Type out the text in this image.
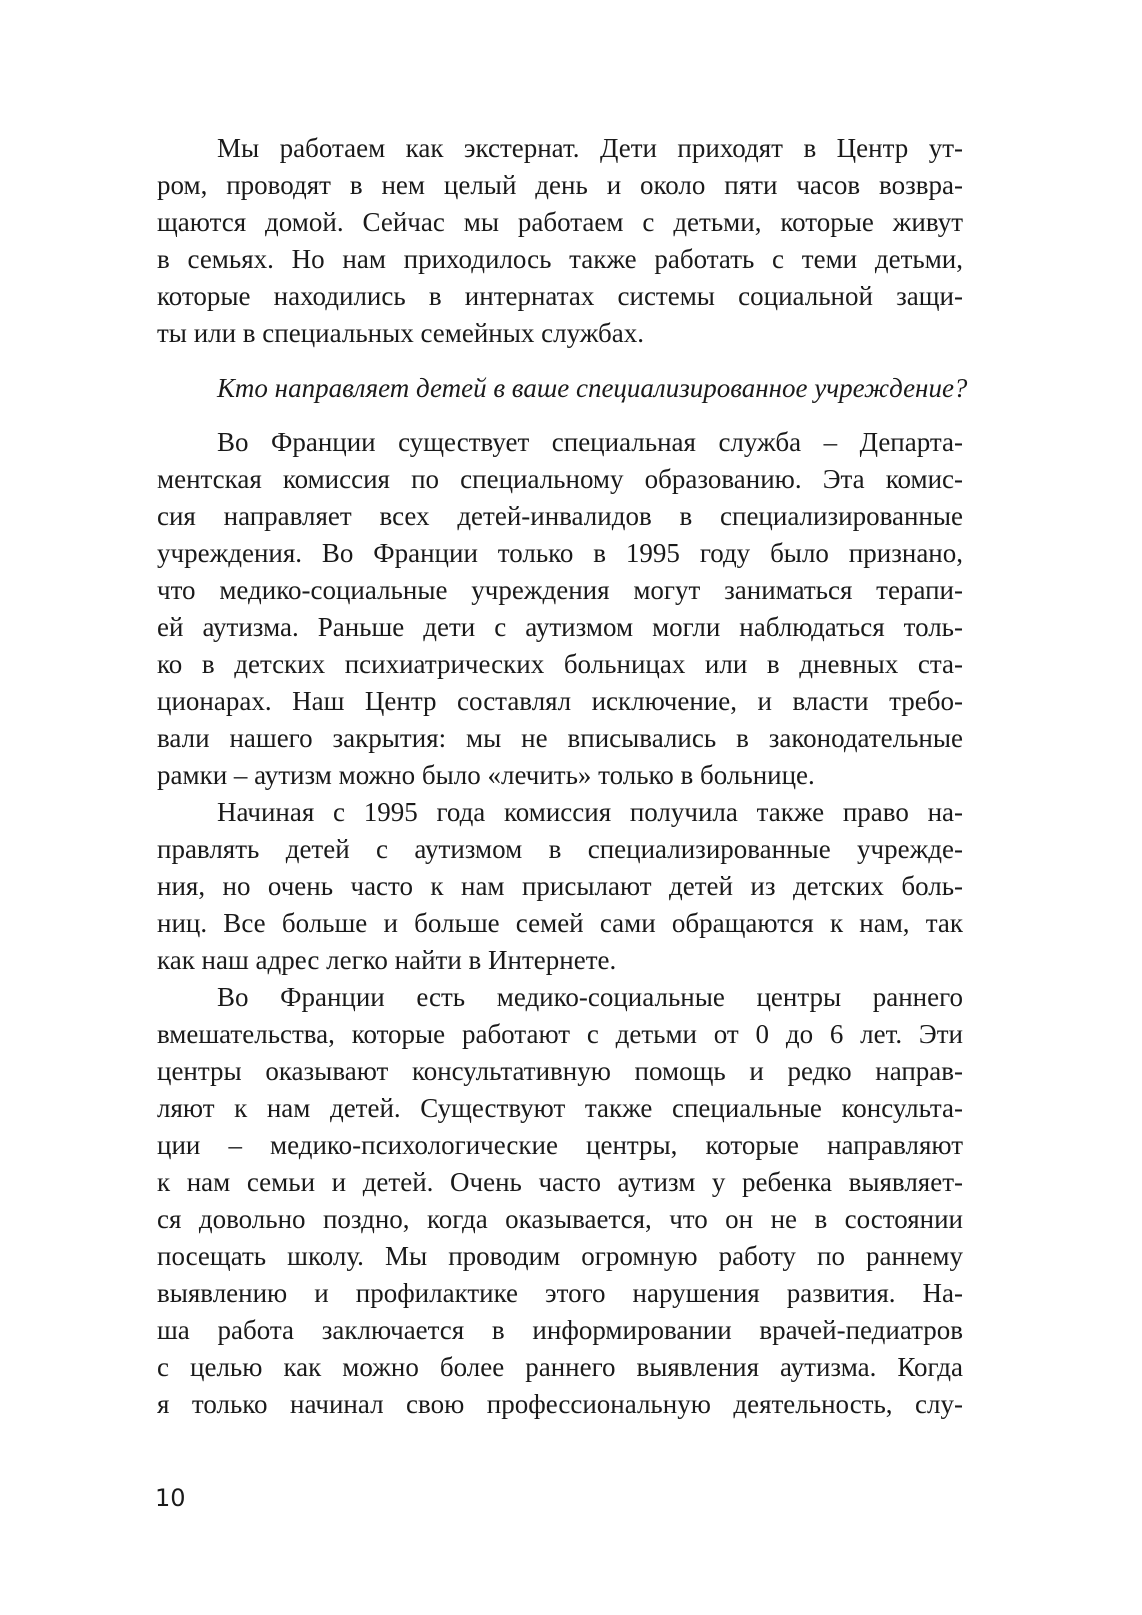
Мы работаем как экстернат. Дети приходят в Центр ут-
ром, проводят в нем целый день и около пяти часов возвра-
щаются домой. Сейчас мы работаем с детьми, которые живут
в семьях. Но нам приходилось также работать с теми детьми,
которые находились в интернатах системы социальной защи-
ты или в специальных семейных службах.
Кто направляет детей в ваше специализированное учреждение?
Во Франции существует специальная служба – Департа-
ментская комиссия по специальному образованию. Эта комис-
сия направляет всех детей-инвалидов в специализированные
учреждения. Во Франции только в 1995 году было признано,
что медико-социальные учреждения могут заниматься терапи-
ей аутизма. Раньше дети с аутизмом могли наблюдаться толь-
ко в детских психиатрических больницах или в дневных ста-
ционарах. Наш Центр составлял исключение, и власти требо-
вали нашего закрытия: мы не вписывались в законодательные
рамки – аутизм можно было «лечить» только в больнице.
Начиная с 1995 года комиссия получила также право на-
правлять детей с аутизмом в специализированные учрежде-
ния, но очень часто к нам присылают детей из детских боль-
ниц. Все больше и больше семей сами обращаются к нам, так
как наш адрес легко найти в Интернете.
Во Франции есть медико-социальные центры раннего
вмешательства, которые работают с детьми от 0 до 6 лет. Эти
центры оказывают консультативную помощь и редко направ-
ляют к нам детей. Существуют также специальные консульта-
ции – медико-психологические центры, которые направляют
к нам семьи и детей. Очень часто аутизм у ребенка выявляет-
ся довольно поздно, когда оказывается, что он не в состоянии
посещать школу. Мы проводим огромную работу по раннему
выявлению и профилактике этого нарушения развития. На-
ша работа заключается в информировании врачей-педиатров
с целью как можно более раннего выявления аутизма. Когда
я только начинал свою профессиональную деятельность, слу-
10
